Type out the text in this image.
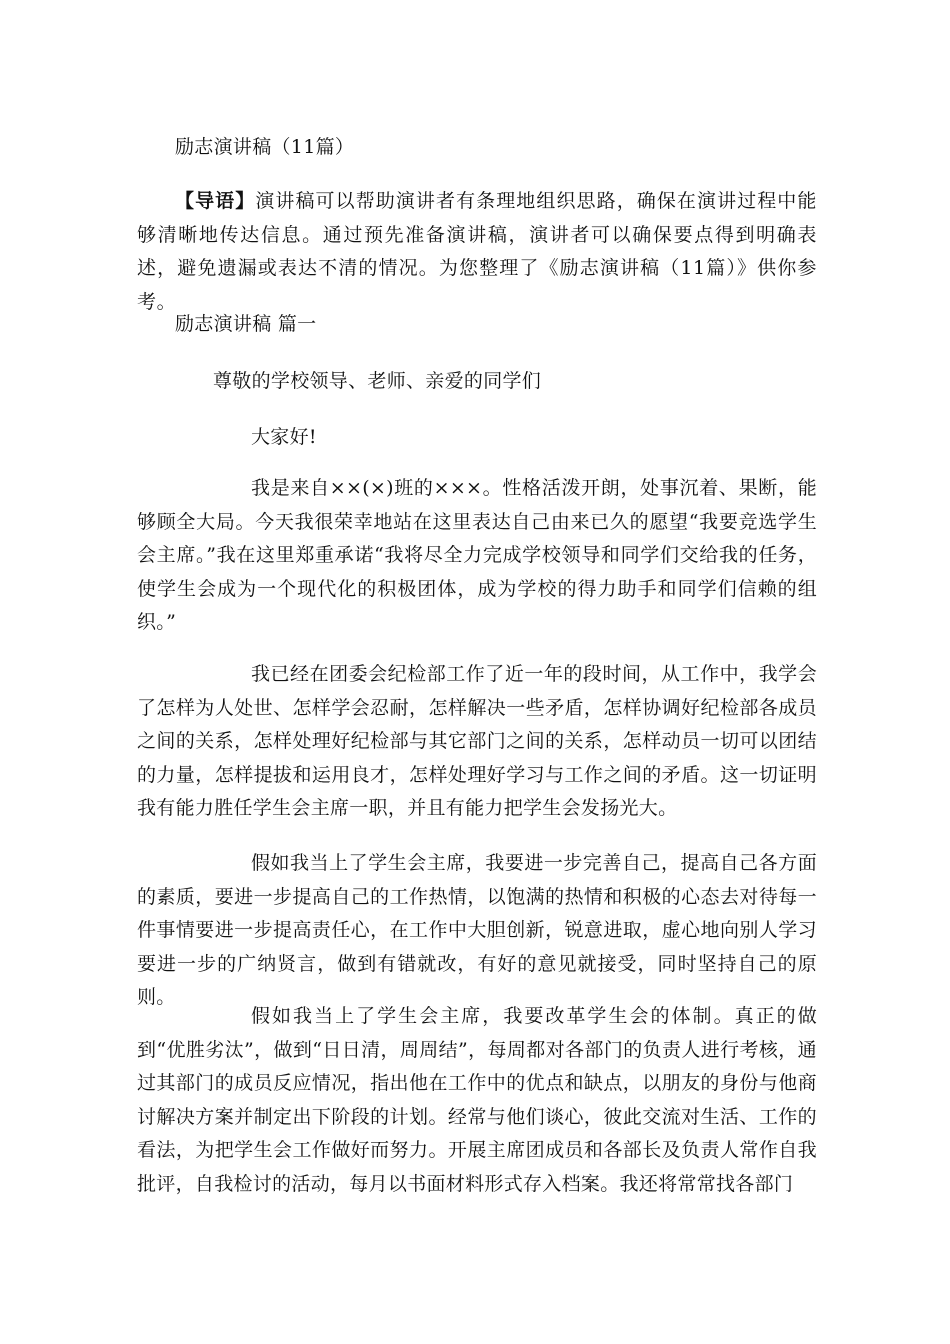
励志演讲稿（11篇）
【导语】演讲稿可以帮助演讲者有条理地组织思路，确保在演讲过程中能够清晰地传达信息。通过预先准备演讲稿，演讲者可以确保要点得到明确表述，避免遗漏或表达不清的情况。为您整理了《励志演讲稿（11篇）》供你参考。
励志演讲稿 篇一
尊敬的学校领导、老师、亲爱的同学们
大家好!
我是来自××(×)班的×××。性格活泼开朗，处事沉着、果断，能够顾全大局。今天我很荣幸地站在这里表达自己由来已久的愿望“我要竞选学生会主席。”我在这里郑重承诺“我将尽全力完成学校领导和同学们交给我的任务，使学生会成为一个现代化的积极团体，成为学校的得力助手和同学们信赖的组织。”
我已经在团委会纪检部工作了近一年的段时间，从工作中，我学会了怎样为人处世、怎样学会忍耐，怎样解决一些矛盾，怎样协调好纪检部各成员之间的关系，怎样处理好纪检部与其它部门之间的关系，怎样动员一切可以团结的力量，怎样提拔和运用良才，怎样处理好学习与工作之间的矛盾。这一切证明我有能力胜任学生会主席一职，并且有能力把学生会发扬光大。
假如我当上了学生会主席，我要进一步完善自己，提高自己各方面的素质，要进一步提高自己的工作热情，以饱满的热情和积极的心态去对待每一件事情要进一步提高责任心，在工作中大胆创新，锐意进取，虚心地向别人学习要进一步的广纳贤言，做到有错就改，有好的意见就接受，同时坚持自己的原则。
假如我当上了学生会主席，我要改革学生会的体制。真正的做到“优胜劣汰”，做到“日日清，周周结”，每周都对各部门的负责人进行考核，通过其部门的成员反应情况，指出他在工作中的优点和缺点，以朋友的身份与他商讨解决方案并制定出下阶段的计划。经常与他们谈心，彼此交流对生活、工作的看法，为把学生会工作做好而努力。开展主席团成员和各部长及负责人常作自我批评，自我检讨的活动，每月以书面材料形式存入档案。我还将常常找各部门
